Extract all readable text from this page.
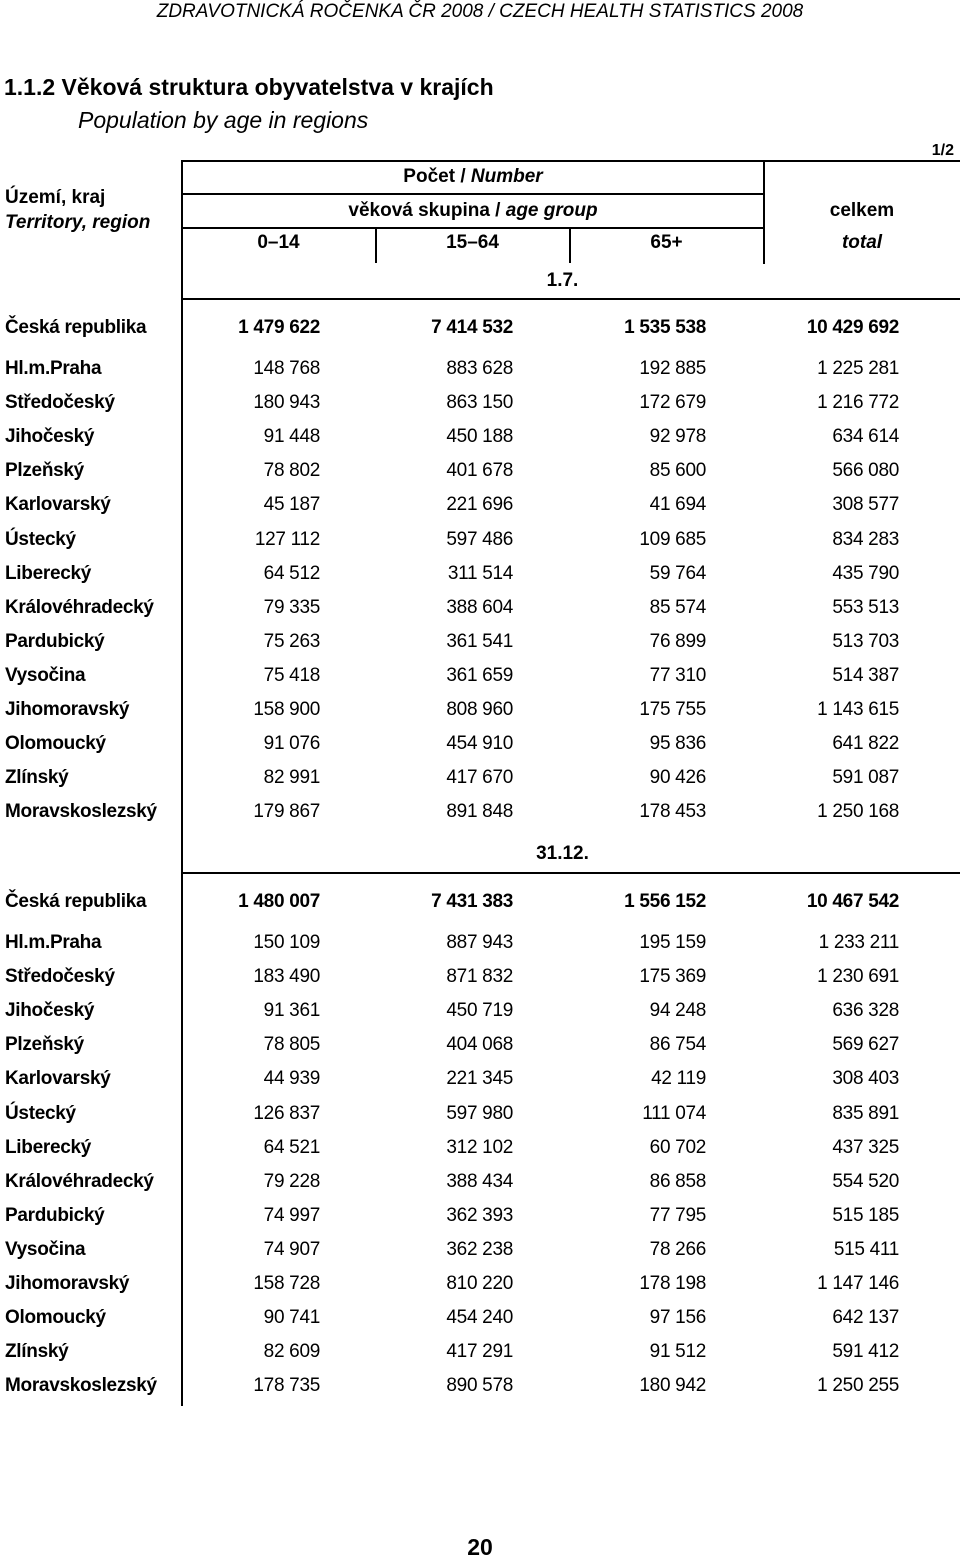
ZDRAVOTNICKÁ ROČENKA ČR 2008 / CZECH HEALTH STATISTICS 2008
1.1.2 Věková struktura obyvatelstva v krajích
Population by age in regions
1/2
Území, kraj
Territory, region
Počet / Number
věková skupina / age group	celkem
total
0–14	15–64	65+
1.7.
Česká republika	1 479 622	7 414 532	1 535 538	10 429 692
Hl.m.Praha	148 768	883 628	192 885	1 225 281
Středočeský	180 943	863 150	172 679	1 216 772
Jihočeský	91 448	450 188	92 978	634 614
Plzeňský	78 802	401 678	85 600	566 080
Karlovarský	45 187	221 696	41 694	308 577
Ústecký	127 112	597 486	109 685	834 283
Liberecký	64 512	311 514	59 764	435 790
Královéhradecký	79 335	388 604	85 574	553 513
Pardubický	75 263	361 541	76 899	513 703
Vysočina	75 418	361 659	77 310	514 387
Jihomoravský	158 900	808 960	175 755	1 143 615
Olomoucký	91 076	454 910	95 836	641 822
Zlínský	82 991	417 670	90 426	591 087
Moravskoslezský	179 867	891 848	178 453	1 250 168
31.12.
Česká republika	1 480 007	7 431 383	1 556 152	10 467 542
Hl.m.Praha	150 109	887 943	195 159	1 233 211
Středočeský	183 490	871 832	175 369	1 230 691
Jihočeský	91 361	450 719	94 248	636 328
Plzeňský	78 805	404 068	86 754	569 627
Karlovarský	44 939	221 345	42 119	308 403
Ústecký	126 837	597 980	111 074	835 891
Liberecký	64 521	312 102	60 702	437 325
Královéhradecký	79 228	388 434	86 858	554 520
Pardubický	74 997	362 393	77 795	515 185
Vysočina	74 907	362 238	78 266	515 411
Jihomoravský	158 728	810 220	178 198	1 147 146
Olomoucký	90 741	454 240	97 156	642 137
Zlínský	82 609	417 291	91 512	591 412
Moravskoslezský	178 735	890 578	180 942	1 250 255
20
